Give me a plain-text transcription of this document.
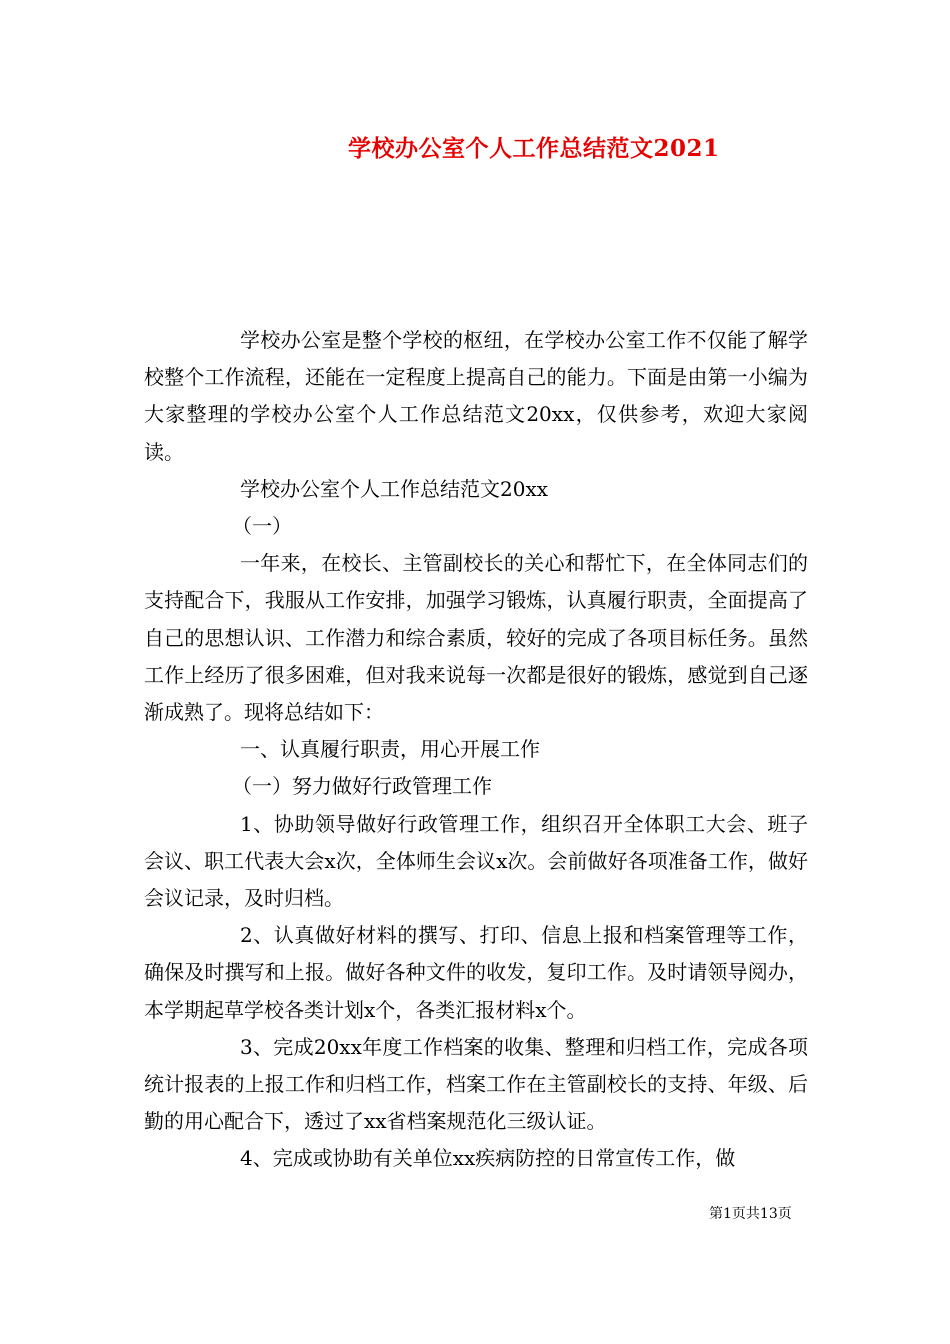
学校办公室个人工作总结范文2021

学校办公室是整个学校的枢纽，在学校办公室工作不仅能了解学校整个工作流程，还能在一定程度上提高自己的能力。下面是由第一小编为大家整理的学校办公室个人工作总结范文20xx，仅供参考，欢迎大家阅读。

学校办公室个人工作总结范文20xx

（一）

一年来，在校长、主管副校长的关心和帮忙下，在全体同志们的支持配合下，我服从工作安排，加强学习锻炼，认真履行职责，全面提高了自己的思想认识、工作潜力和综合素质，较好的完成了各项目标任务。虽然工作上经历了很多困难，但对我来说每一次都是很好的锻炼，感觉到自己逐渐成熟了。现将总结如下：

一、认真履行职责，用心开展工作

（一）努力做好行政管理工作

1、协助领导做好行政管理工作，组织召开全体职工大会、班子会议、职工代表大会x次，全体师生会议x次。会前做好各项准备工作，做好会议记录，及时归档。

2、认真做好材料的撰写、打印、信息上报和档案管理等工作，确保及时撰写和上报。做好各种文件的收发，复印工作。及时请领导阅办，本学期起草学校各类计划x个，各类汇报材料x个。

3、完成20xx年度工作档案的收集、整理和归档工作，完成各项统计报表的上报工作和归档工作，档案工作在主管副校长的支持、年级、后勤的用心配合下，透过了xx省档案规范化三级认证。

4、完成或协助有关单位xx疾病防控的日常宣传工作，做

第1页共13页
